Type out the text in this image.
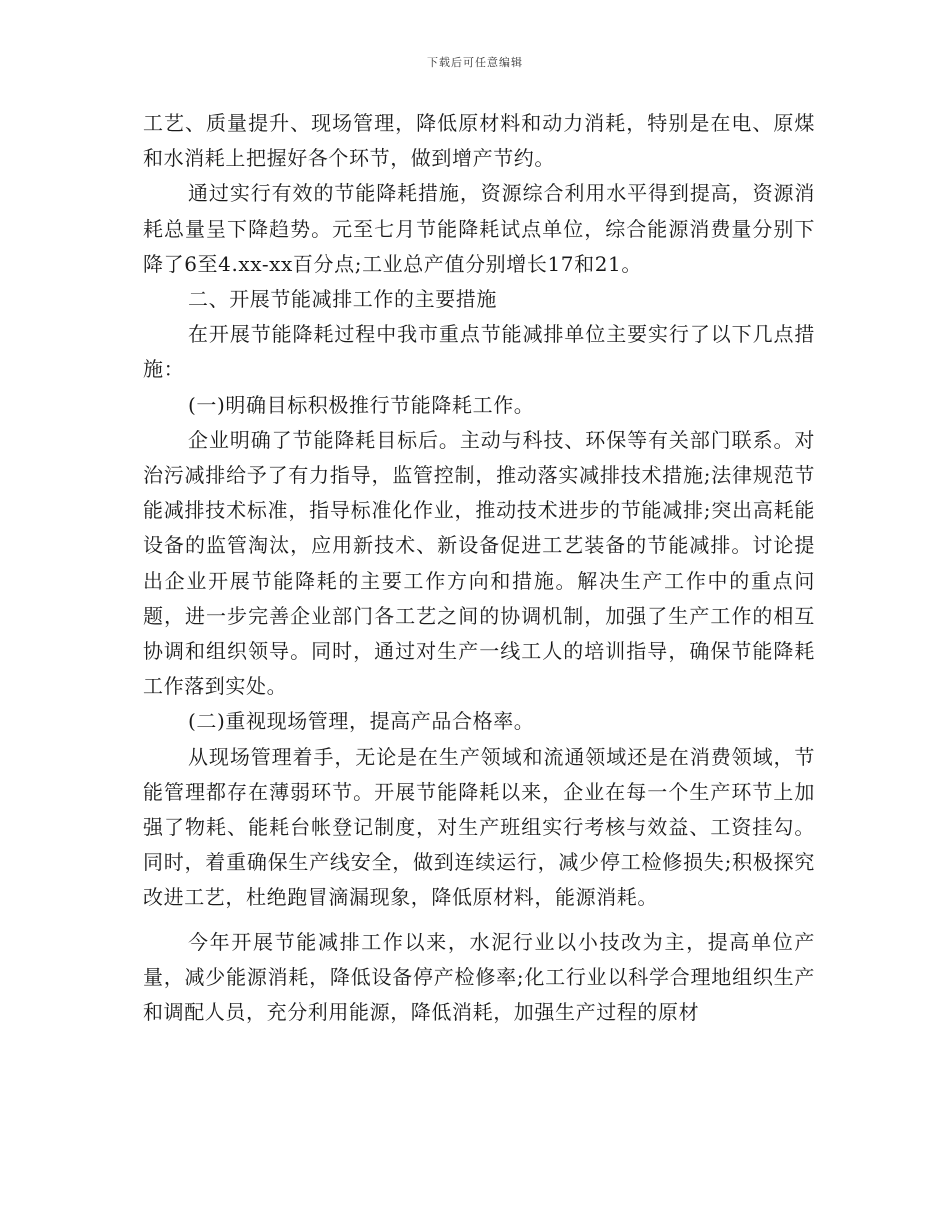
下载后可任意编辑

工艺、质量提升、现场管理，降低原材料和动力消耗，特别是在电、原煤和水消耗上把握好各个环节，做到增产节约。

通过实行有效的节能降耗措施，资源综合利用水平得到提高，资源消耗总量呈下降趋势。元至七月节能降耗试点单位，综合能源消费量分别下降了6至4.xx-xx百分点;工业总产值分别增长17和21。

二、开展节能减排工作的主要措施

在开展节能降耗过程中我市重点节能减排单位主要实行了以下几点措施：

(一)明确目标积极推行节能降耗工作。

企业明确了节能降耗目标后。主动与科技、环保等有关部门联系。对治污减排给予了有力指导，监管控制，推动落实减排技术措施;法律规范节能减排技术标准，指导标准化作业，推动技术进步的节能减排;突出高耗能设备的监管淘汰，应用新技术、新设备促进工艺装备的节能减排。讨论提出企业开展节能降耗的主要工作方向和措施。解决生产工作中的重点问题，进一步完善企业部门各工艺之间的协调机制，加强了生产工作的相互协调和组织领导。同时，通过对生产一线工人的培训指导，确保节能降耗工作落到实处。

(二)重视现场管理，提高产品合格率。

从现场管理着手，无论是在生产领域和流通领域还是在消费领域，节能管理都存在薄弱环节。开展节能降耗以来，企业在每一个生产环节上加强了物耗、能耗台帐登记制度，对生产班组实行考核与效益、工资挂勾。同时，着重确保生产线安全，做到连续运行，减少停工检修损失;积极探究改进工艺，杜绝跑冒滴漏现象，降低原材料，能源消耗。

今年开展节能减排工作以来，水泥行业以小技改为主，提高单位产量，减少能源消耗，降低设备停产检修率;化工行业以科学合理地组织生产和调配人员，充分利用能源，降低消耗，加强生产过程的原材
